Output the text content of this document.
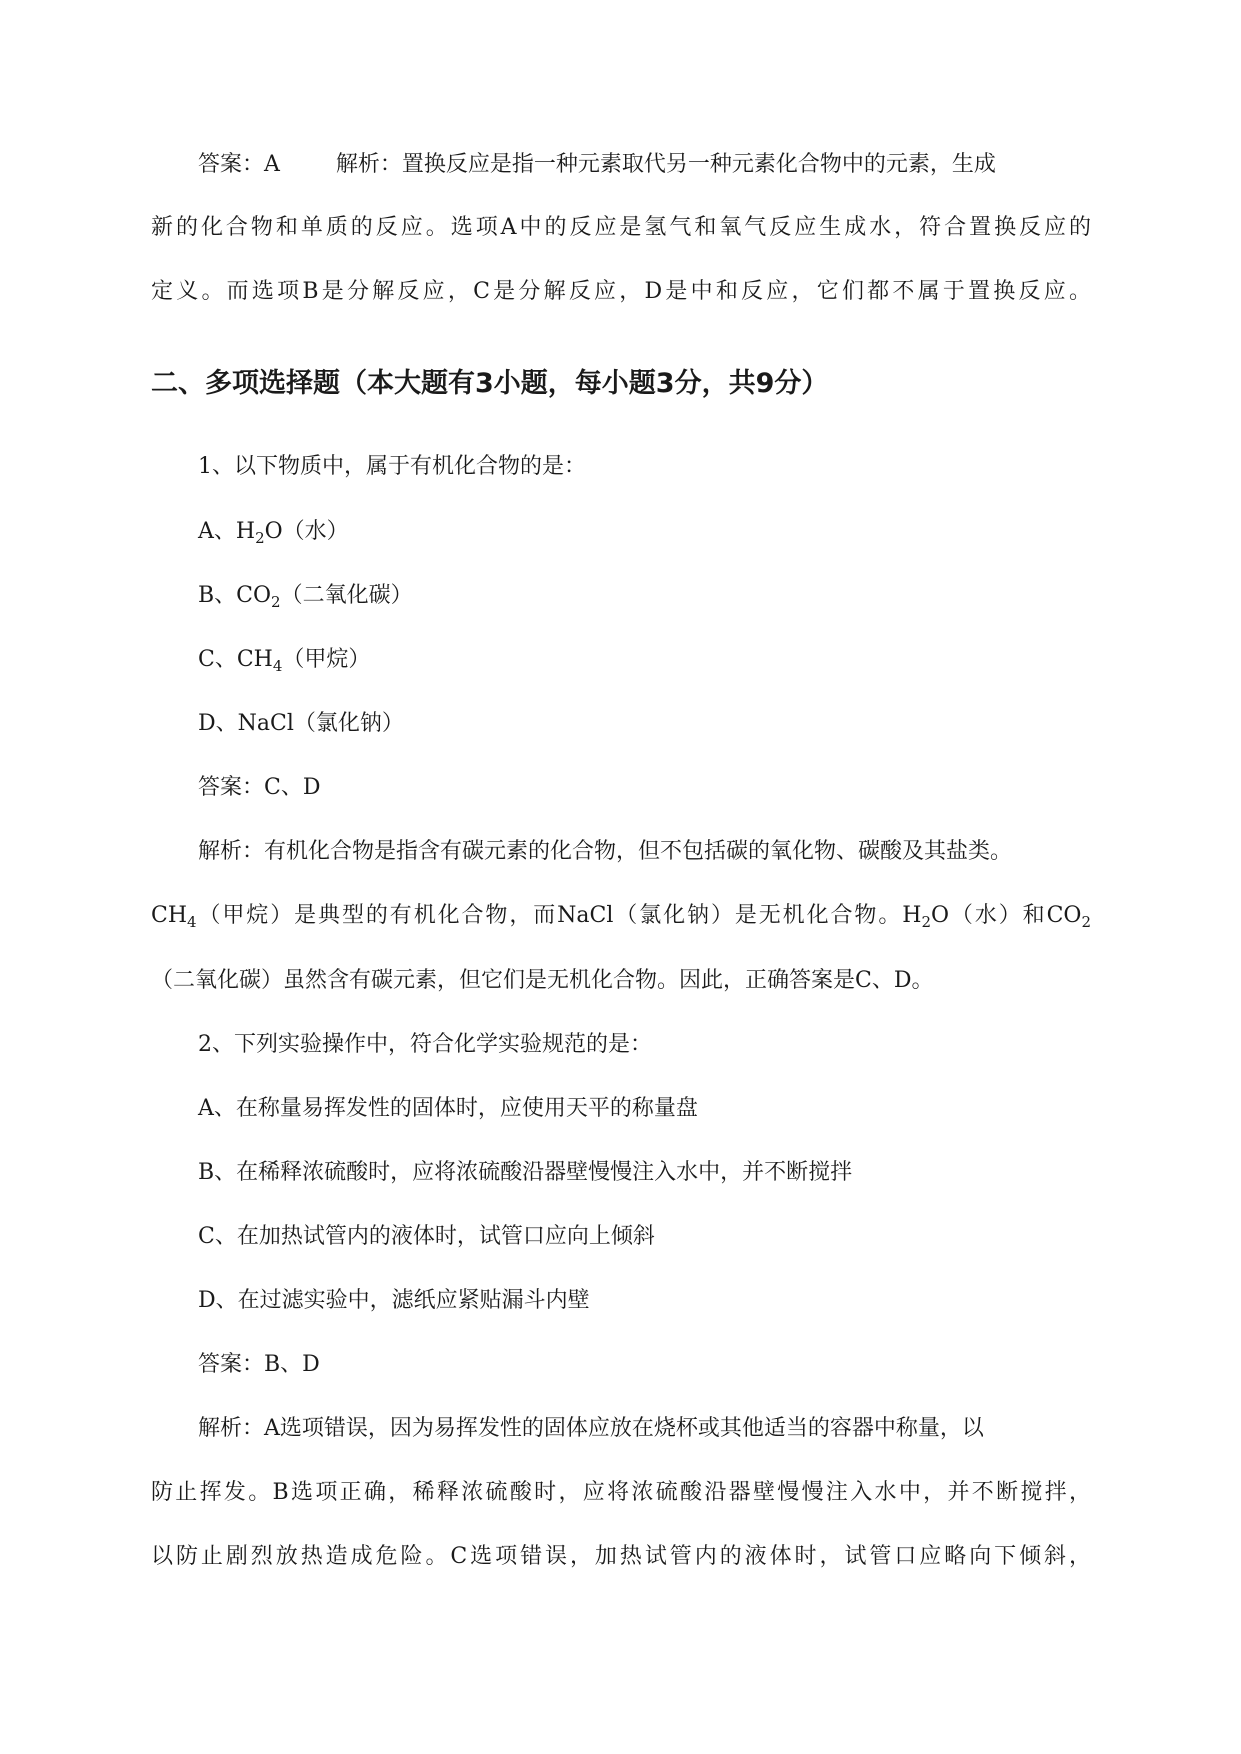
答案：A	解析：置换反应是指一种元素取代另一种元素化合物中的元素，生成
新的化合物和单质的反应。选项A中的反应是氢气和氧气反应生成水，符合置换反应的
定义。而选项B是分解反应，C是分解反应，D是中和反应，它们都不属于置换反应。
二、多项选择题（本大题有3小题，每小题3分，共9分）
1、以下物质中，属于有机化合物的是：
A、$H_2O$（水）
B、$CO_2$（二氧化碳）
C、$CH_4$（甲烷）
D、NaCl（氯化钠）
答案：C、D
解析：有机化合物是指含有碳元素的化合物，但不包括碳的氧化物、碳酸及其盐类。
$CH_4$（甲烷）是典型的有机化合物，而NaCl（氯化钠）是无机化合物。$H_2O$（水）和$CO_2$
（二氧化碳）虽然含有碳元素，但它们是无机化合物。因此，正确答案是C、D。
2、下列实验操作中，符合化学实验规范的是：
A、在称量易挥发性的固体时，应使用天平的称量盘
B、在稀释浓硫酸时，应将浓硫酸沿器壁慢慢注入水中，并不断搅拌
C、在加热试管内的液体时，试管口应向上倾斜
D、在过滤实验中，滤纸应紧贴漏斗内壁
答案：B、D
解析：A选项错误，因为易挥发性的固体应放在烧杯或其他适当的容器中称量，以
防止挥发。B选项正确，稀释浓硫酸时，应将浓硫酸沿器壁慢慢注入水中，并不断搅拌，
以防止剧烈放热造成危险。C选项错误，加热试管内的液体时，试管口应略向下倾斜，
